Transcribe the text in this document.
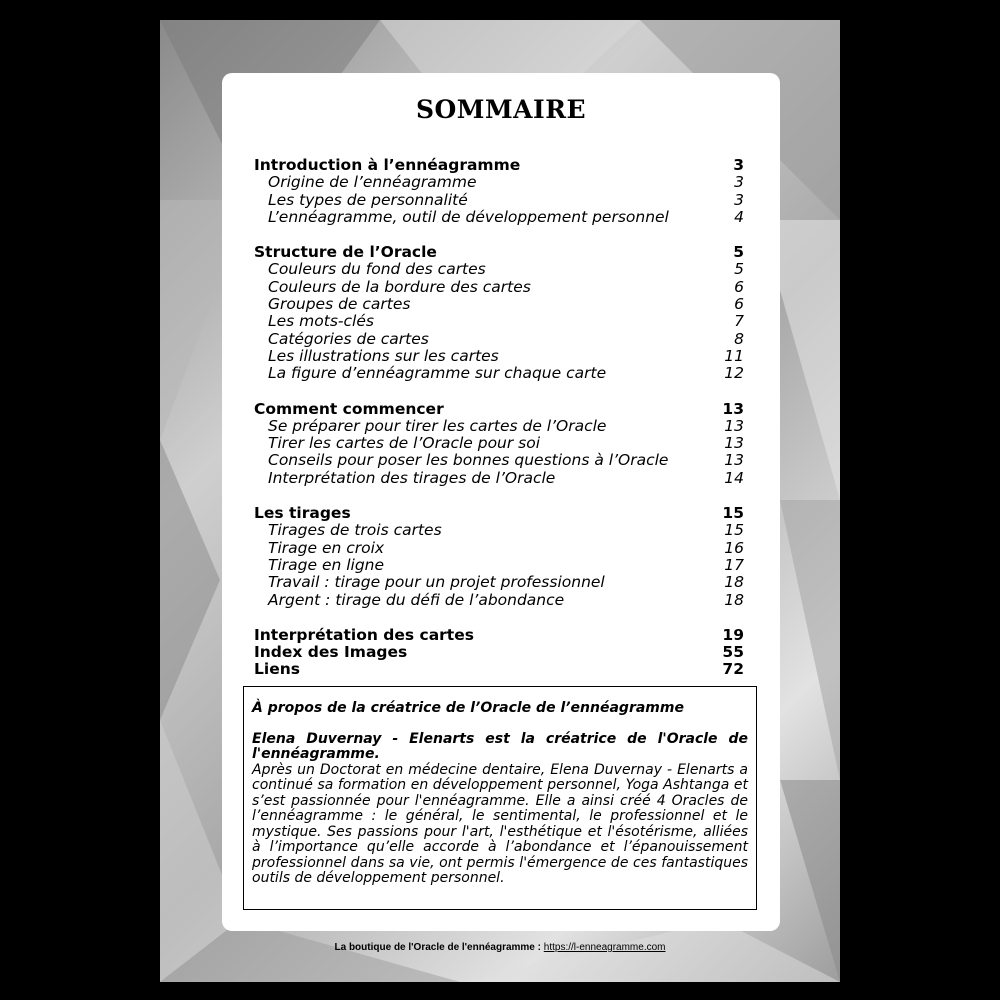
SOMMAIRE
Introduction à l’ennéagramme	3
Origine de l’ennéagramme	3
Les types de personnalité	3
L’ennéagramme, outil de développement personnel	4
Structure de l’Oracle	5
Couleurs du fond des cartes	5
Couleurs de la bordure des cartes	6
Groupes de cartes	6
Les mots-clés	7
Catégories de cartes	8
Les illustrations sur les cartes	11
La figure d’ennéagramme sur chaque carte	12
Comment commencer	13
Se préparer pour tirer les cartes de l’Oracle	13
Tirer les cartes de l’Oracle pour soi	13
Conseils pour poser les bonnes questions à l’Oracle	13
Interprétation des tirages de l’Oracle	14
Les tirages	15
Tirages de trois cartes	15
Tirage en croix	16
Tirage en ligne	17
Travail : tirage pour un projet professionnel	18
Argent : tirage du défi de l’abondance	18
Interprétation des cartes	19
Index des Images	55
Liens	72
À propos de la créatrice de l’Oracle de l’ennéagramme
Elena Duvernay - Elenarts est la créatrice de l'Oracle de l'ennéagramme.
Après un Doctorat en médecine dentaire, Elena Duvernay - Elenarts a continué sa formation en développement personnel, Yoga Ashtanga et s’est passionnée pour l'ennéagramme. Elle a ainsi créé 4 Oracles de l’ennéagramme : le général, le sentimental, le professionnel et le mystique. Ses passions pour l'art, l'esthétique et l'ésotérisme, alliées à l’importance qu’elle accorde à l’abondance et l’épanouissement professionnel dans sa vie, ont permis l'émergence de ces fantastiques outils de développement personnel.
La boutique de l'Oracle de l'ennéagramme : https://l-enneagramme.com
